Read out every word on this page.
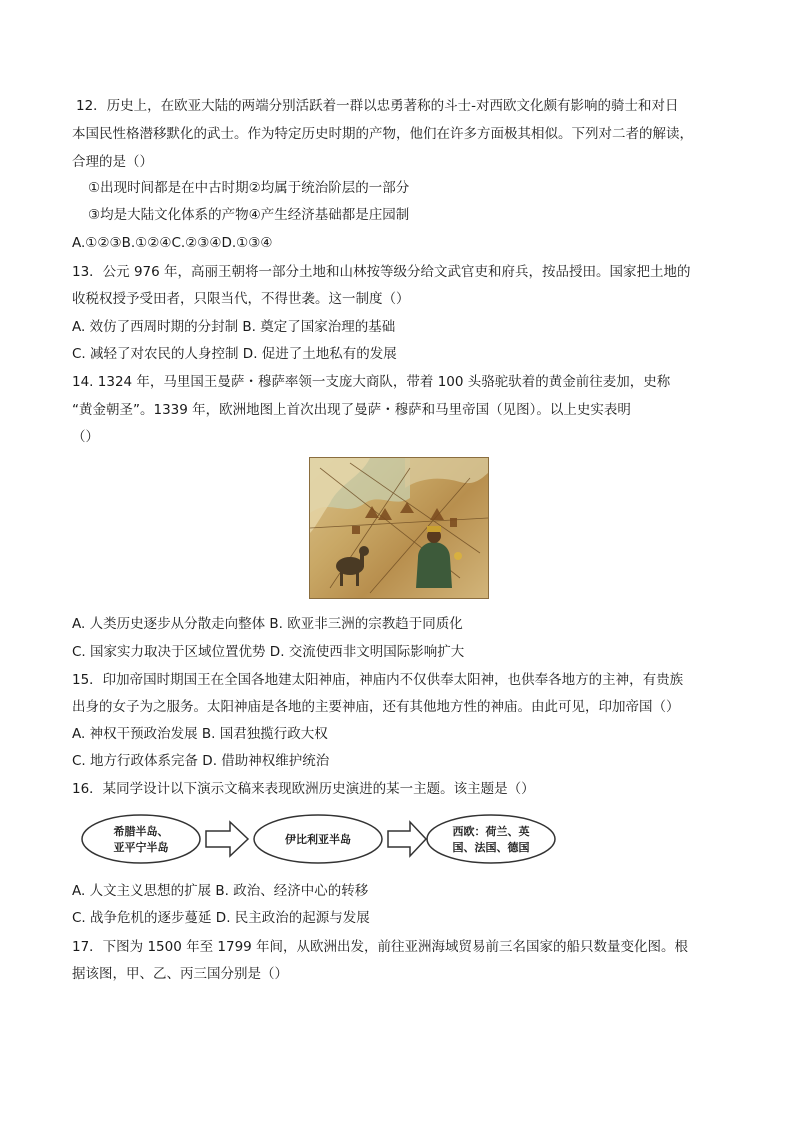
12．历史上，在欧亚大陆的两端分别活跃着一群以忠勇著称的斗士-对西欧文化颇有影响的骑士和对日
本国民性格潜移默化的武士。作为特定历史时期的产物，他们在许多方面极其相似。下列对二者的解读，
合理的是（）
①出现时间都是在中古时期②均属于统治阶层的一部分
③均是大陆文化体系的产物④产生经济基础都是庄园制
A.①②③B.①②④C.②③④D.①③④
13．公元 976 年，高丽王朝将一部分土地和山林按等级分给文武官吏和府兵，按品授田。国家把土地的
收税权授予受田者，只限当代，不得世袭。这一制度（）
A. 效仿了西周时期的分封制 B. 奠定了国家治理的基础
C. 减轻了对农民的人身控制 D. 促进了土地私有的发展
14. 1324 年，马里国王曼萨・穆萨率领一支庞大商队，带着 100 头骆驼驮着的黄金前往麦加，史称
“黄金朝圣”。1339 年，欧洲地图上首次出现了曼萨・穆萨和马里帝国（见图）。以上史实表明
（）
A. 人类历史逐步从分散走向整体 B. 欧亚非三洲的宗教趋于同质化
C. 国家实力取决于区域位置优势 D. 交流使西非文明国际影响扩大
15．印加帝国时期国王在全国各地建太阳神庙，神庙内不仅供奉太阳神，也供奉各地方的主神，有贵族
出身的女子为之服务。太阳神庙是各地的主要神庙，还有其他地方性的神庙。由此可见，印加帝国（）
A. 神权干预政治发展 B. 国君独揽行政大权
C. 地方行政体系完备 D. 借助神权维护统治
16．某同学设计以下演示文稿来表现欧洲历史演进的某一主题。该主题是（）
希腊半岛、
亚平宁半岛
伊比利亚半岛
西欧：荷兰、英
国、法国、德国
A. 人文主义思想的扩展 B. 政治、经济中心的转移
C. 战争危机的逐步蔓延 D. 民主政治的起源与发展
17．下图为 1500 年至 1799 年间，从欧洲出发，前往亚洲海域贸易前三名国家的船只数量变化图。根
据该图，甲、乙、丙三国分别是（）
